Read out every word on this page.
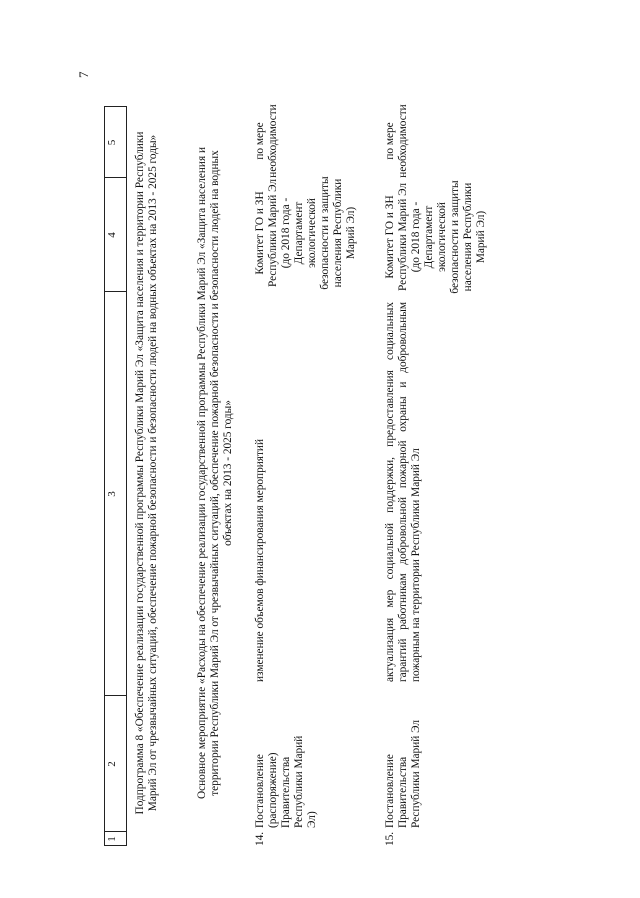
7
1
2
3
4
5	Подпрограмма 8 «Обеспечение реализации государственной программы Республики Марий Эл «Защита населения и территории Республики Марий Эл от чрезвычайных ситуаций, обеспечение пожарной безопасности и безопасности людей на водных объектах на 2013 - 2025 годы»	Основное мероприятие «Расходы на обеспечение реализации государственной программы Республики Марий Эл «Защита населения и территории Республики Марий Эл от чрезвычайных ситуаций, обеспечение пожарной безопасности и безопасности людей на водных объектах на 2013 - 2025 годы»
14.
Постановление (распоряжение) Правительства Республики Марий Эл)
изменение объемов финансирования мероприятий
Комитет ГО и ЗН Республики Марий Эл (до 2018 года - Департамент экологической безопасности и защиты населения Республики Марий Эл)
по мере необходимости
15.
Постановление Правительства Республики Марий Эл
актуализация мер социальной поддержки, предоставления социальных гарантий работникам добровольной пожарной охраны и добровольным пожарным на территории Республики Марий Эл
Комитет ГО и ЗН Республики Марий Эл (до 2018 года - Департамент экологической безопасности и защиты населения Республики Марий Эл)
по мере необходимости
